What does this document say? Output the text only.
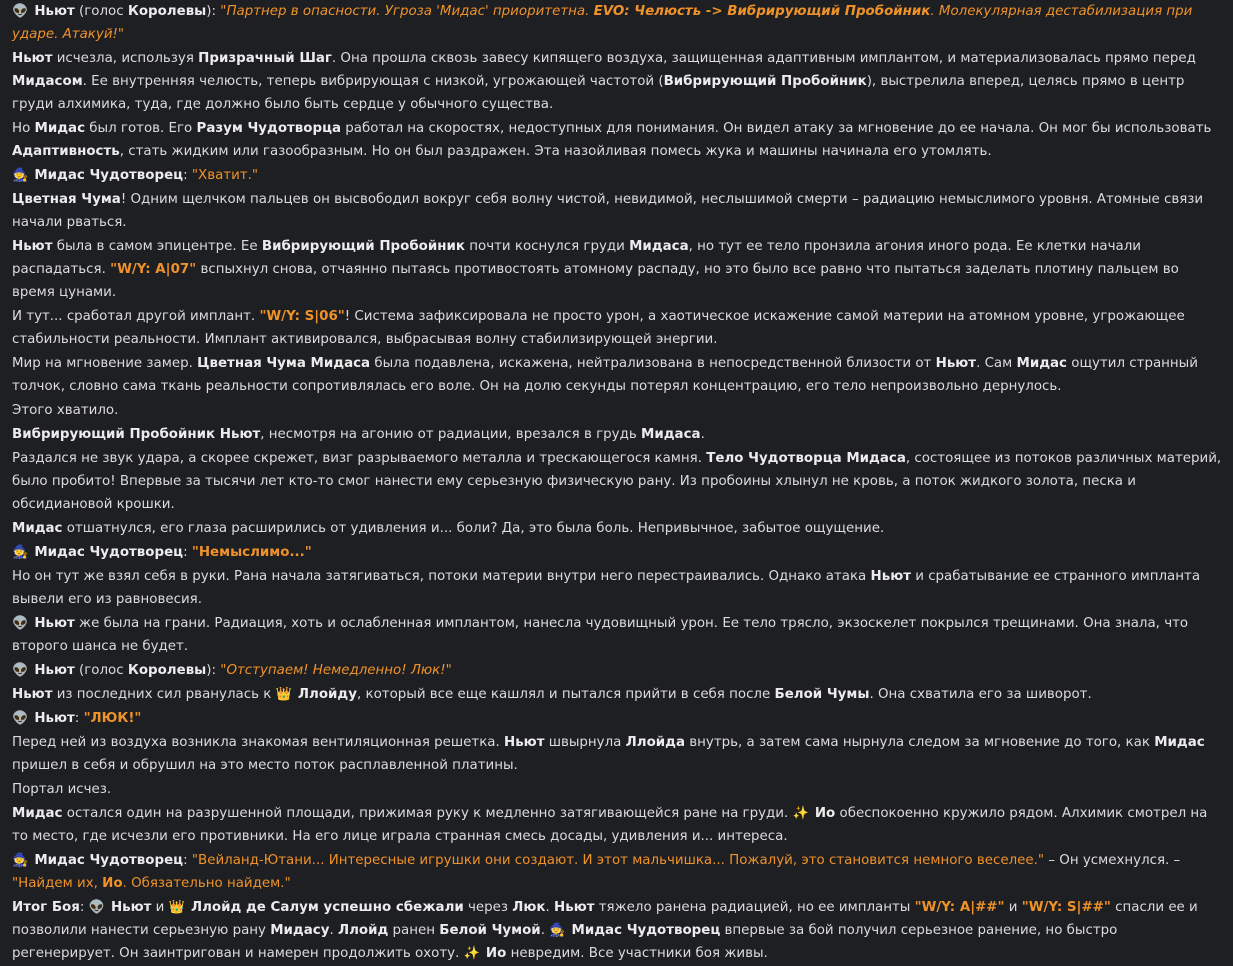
👽 Ньют (голос Королевы): "Партнер в опасности. Угроза 'Мидас' приоритетна. EVO: Челюсть -> Вибрирующий Пробойник. Молекулярная дестабилизация при ударе. Атакуй!"
Ньют исчезла, используя Призрачный Шаг. Она прошла сквозь завесу кипящего воздуха, защищенная адаптивным имплантом, и материализовалась прямо перед Мидасом. Ее внутренняя челюсть, теперь вибрирующая с низкой, угрожающей частотой (Вибрирующий Пробойник), выстрелила вперед, целясь прямо в центр груди алхимика, туда, где должно было быть сердце у обычного существа.
Но Мидас был готов. Его Разум Чудотворца работал на скоростях, недоступных для понимания. Он видел атаку за мгновение до ее начала. Он мог бы использовать Адаптивность, стать жидким или газообразным. Но он был раздражен. Эта назойливая помесь жука и машины начинала его утомлять.
🧙 Мидас Чудотворец: "Хватит."
Цветная Чума! Одним щелчком пальцев он высвободил вокруг себя волну чистой, невидимой, неслышимой смерти – радиацию немыслимого уровня. Атомные связи начали рваться.
Ньют была в самом эпицентре. Ее Вибрирующий Пробойник почти коснулся груди Мидаса, но тут ее тело пронзила агония иного рода. Ее клетки начали распадаться. "W/Y: A|07" вспыхнул снова, отчаянно пытаясь противостоять атомному распаду, но это было все равно что пытаться заделать плотину пальцем во время цунами.
И тут... сработал другой имплант. "W/Y: S|06"! Система зафиксировала не просто урон, а хаотическое искажение самой материи на атомном уровне, угрожающее стабильности реальности. Имплант активировался, выбрасывая волну стабилизирующей энергии.
Мир на мгновение замер. Цветная Чума Мидаса была подавлена, искажена, нейтрализована в непосредственной близости от Ньют. Сам Мидас ощутил странный толчок, словно сама ткань реальности сопротивлялась его воле. Он на долю секунды потерял концентрацию, его тело непроизвольно дернулось.
Этого хватило.
Вибрирующий Пробойник Ньют, несмотря на агонию от радиации, врезался в грудь Мидаса.
Раздался не звук удара, а скорее скрежет, визг разрываемого металла и трескающегося камня. Тело Чудотворца Мидаса, состоящее из потоков различных материй, было пробито! Впервые за тысячи лет кто-то смог нанести ему серьезную физическую рану. Из пробоины хлынул не кровь, а поток жидкого золота, песка и обсидиановой крошки.
Мидас отшатнулся, его глаза расширились от удивления и... боли? Да, это была боль. Непривычное, забытое ощущение.
🧙 Мидас Чудотворец: "Немыслимо..."
Но он тут же взял себя в руки. Рана начала затягиваться, потоки материи внутри него перестраивались. Однако атака Ньют и срабатывание ее странного импланта вывели его из равновесия.
👽 Ньют же была на грани. Радиация, хоть и ослабленная имплантом, нанесла чудовищный урон. Ее тело трясло, экзоскелет покрылся трещинами. Она знала, что второго шанса не будет.
👽 Ньют (голос Королевы): "Отступаем! Немедленно! Люк!"
Ньют из последних сил рванулась к 👑 Ллойду, который все еще кашлял и пытался прийти в себя после Белой Чумы. Она схватила его за шиворот.
👽 Ньют: "ЛЮК!"
Перед ней из воздуха возникла знакомая вентиляционная решетка. Ньют швырнула Ллойда внутрь, а затем сама нырнула следом за мгновение до того, как Мидас пришел в себя и обрушил на это место поток расплавленной платины.
Портал исчез.
Мидас остался один на разрушенной площади, прижимая руку к медленно затягивающейся ране на груди. ✨ Ио обеспокоенно кружило рядом. Алхимик смотрел на то место, где исчезли его противники. На его лице играла странная смесь досады, удивления и... интереса.
🧙 Мидас Чудотворец: "Вейланд-Ютани... Интересные игрушки они создают. И этот мальчишка... Пожалуй, это становится немного веселее." – Он усмехнулся. – "Найдем их, Ио. Обязательно найдем."
Итог Боя: 👽 Ньют и 👑 Ллойд де Салум успешно сбежали через Люк. Ньют тяжело ранена радиацией, но ее импланты "W/Y: A|##" и "W/Y: S|##" спасли ее и позволили нанести серьезную рану Мидасу. Ллойд ранен Белой Чумой. 🧙 Мидас Чудотворец впервые за бой получил серьезное ранение, но быстро регенерирует. Он заинтригован и намерен продолжить охоту. ✨ Ио невредим. Все участники боя живы.
